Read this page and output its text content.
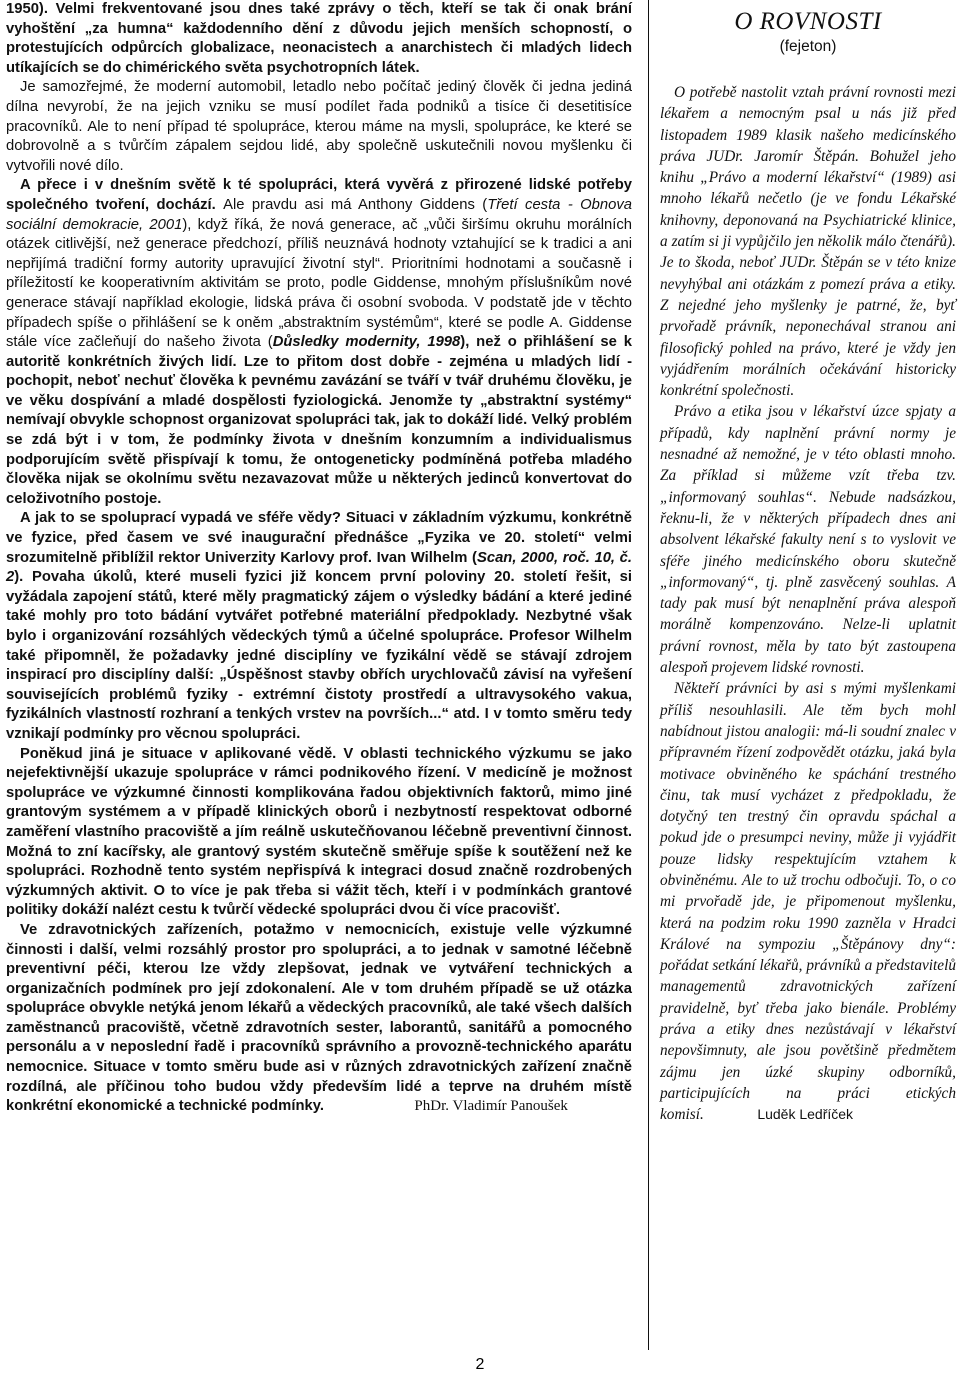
1950). Velmi frekventované jsou dnes také zprávy o těch, kteří se tak či onak brání vyhoštění „za humna“ každodenního dění z důvodu jejich menších schopností, o protestujících odpůrcích globalizace, neonacistech a anarchistech či mladých lidech utíkajících se do chimérického světa psychotropních látek.

Je samozřejmé, že moderní automobil, letadlo nebo počítač jediný člověk či jedna jediná dílna nevyrobí, že na jejich vzniku se musí podílet řada podniků a tisíce či desetitisíce pracovníků. Ale to není případ té spolupráce, kterou máme na mysli, spolupráce, ke které se dobrovolně a s tvůrčím zápalem sejdou lidé, aby společně uskutečnili novou myšlenku či vytvořili nové dílo.

A přece i v dnešním světě k té spolupráci, která vyvěrá z přirozené lidské potřeby společného tvoření, dochází. Ale pravdu asi má Anthony Giddens (Třetí cesta - Obnova sociální demokracie, 2001), když říká, že nová generace, ač „vůči širšímu okruhu morálních otázek citlivější, než generace předchozí, příliš neuznává hodnoty vztahující se k tradici a ani nepřijímá tradiční formy autority upravující životní styl“. Prioritními hodnotami a současně i příležitostí ke kooperativním aktivitám se proto, podle Giddense, mnohým příslušníkům nové generace stávají například ekologie, lidská práva či osobní svoboda. V podstatě jde v těchto případech spíše o přihlášení se k oněm „abstraktním systémům“, které se podle A. Giddense stále více začleňují do našeho života (Důsledky modernity, 1998), než o přihlášení se k autoritě konkrétních živých lidí. Lze to přitom dost dobře - zejména u mladých lidí - pochopit, neboť nechuť člověka k pevnému zavázání se tváří v tvář druhému člověku, je ve věku dospívání a mladé dospělosti fyziologická. Jenomže ty „abstraktní systémy“ nemívají obvykle schopnost organizovat spolupráci tak, jak to dokáží lidé. Velký problém se zdá být i v tom, že podmínky života v dnešním konzumním a individualismus podporujícím světě přispívají k tomu, že ontogeneticky podmíněná potřeba mladého člověka nijak se okolnímu světu nezavazovat může u některých jedinců konvertovat do celoživotního postoje.

A jak to se spoluprací vypadá ve sféře vědy? Situaci v základním výzkumu, konkrétně ve fyzice, před časem ve své inaugurační přednášce „Fyzika ve 20. století“ velmi srozumitelně přiblížil rektor Univerzity Karlovy prof. Ivan Wilhelm (Scan, 2000, roč. 10, č. 2). Povaha úkolů, které museli fyzici již koncem první poloviny 20. století řešit, si vyžádala zapojení států, které měly pragmatický zájem o výsledky bádání a které jediné také mohly pro toto bádání vytvářet potřebné materiální předpoklady. Nezbytné však bylo i organizování rozsáhlých vědeckých týmů a účelné spolupráce. Profesor Wilhelm také připomněl, že požadavky jedné disciplíny ve fyzikální vědě se stávají zdrojem inspirací pro disciplíny další: „Úspěšnost stavby obřích urychlovačů závisí na vyřešení souvisejících problémů fyziky - extrémní čistoty prostředí a ultravysokého vakua, fyzikálních vlastností rozhraní a tenkých vrstev na površích...“ atd. I v tomto směru tedy vznikají podmínky pro věcnou spolupráci.

Poněkud jiná je situace v aplikované vědě. V oblasti technického výzkumu se jako nejefektivnější ukazuje spolupráce v rámci podnikového řízení. V medicíně je možnost spolupráce ve výzkumné činnosti komplikována řadou objektivních faktorů, mimo jiné grantovým systémem a v případě klinických oborů i nezbytností respektovat odborné zaměření vlastního pracoviště a jím reálně uskutečňovanou léčebně preventivní činnost. Možná to zní kacířsky, ale grantový systém skutečně směřuje spíše k soutěžení než ke spolupráci. Rozhodně tento systém nepřispívá k integraci dosud značně rozdrobených výzkumných aktivit. O to více je pak třeba si vážit těch, kteří i v podmínkách grantové politiky dokáží nalézt cestu k tvůrčí vědecké spolupráci dvou či více pracovišť.

Ve zdravotnických zařízeních, potažmo v nemocnicích, existuje velle výzkumné činnosti i další, velmi rozsáhlý prostor pro spolupráci, a to jednak v samotné léčebně preventivní péči, kterou lze vždy zlepšovat, jednak ve vytváření technických a organizačních podmínek pro její zdokonalení. Ale v tom druhém případě se už otázka spolupráce obvykle netýká jenom lékařů a vědeckých pracovníků, ale také všech dalších zaměstnanců pracoviště, včetně zdravotních sester, laborantů, sanitářů a pomocného personálu a v neposlední řadě i pracovníků správního a provozně-technického aparátu nemocnice. Situace v tomto směru bude asi v různých zdravotnických zařízení značně rozdílná, ale příčinou toho budou vždy především lidé a teprve na druhém místě konkrétní ekonomické a technické podmínky.	PhDr. Vladimír Panoušek

O ROVNOSTI
(fejeton)

O potřebě nastolit vztah právní rovnosti mezi lékařem a nemocným psal u nás již před listopadem 1989 klasik našeho medicínského práva JUDr. Jaromír Štěpán. Bohužel jeho knihu „Právo a moderní lékařství“ (1989) asi mnoho lékařů nečetlo (je ve fondu Lékařské knihovny, deponovaná na Psychiatrické klinice, a zatím si ji vypůjčilo jen několik málo čtenářů). Je to škoda, neboť JUDr. Štěpán se v této knize nevyhýbal ani otázkám z pomezí práva a etiky. Z nejedné jeho myšlenky je patrné, že, byť prvořadě právník, neponechával stranou ani filosofický pohled na právo, které je vždy jen vyjádřením morálních očekávání historicky konkrétní společnosti.

Právo a etika jsou v lékařství úzce spjaty a případů, kdy naplnění právní normy je nesnadné až nemožné, je v této oblasti mnoho. Za příklad si můžeme vzít třeba tzv. „informovaný souhlas“. Nebude nadsázkou, řeknu-li, že v některých případech dnes ani absolvent lékařské fakulty není s to vyslovit ve sféře jiného medicínského oboru skutečně „informovaný“, tj. plně zasvěcený souhlas. A tady pak musí být nenaplnění práva alespoň morálně kompenzováno. Nelze-li uplatnit právní rovnost, měla by tato být zastoupena alespoň projevem lidské rovnosti.

Někteří právníci by asi s mými myšlenkami příliš nesouhlasili. Ale těm bych mohl nabídnout jistou analogii: má-li soudní znalec v přípravném řízení zodpovědět otázku, jaká byla motivace obviněného ke spáchání trestného činu, tak musí vycházet z předpokladu, že dotyčný ten trestný čin opravdu spáchal a pokud jde o presumpci neviny, může ji vyjádřit pouze lidsky respektujícím vztahem k obviněnému. Ale to už trochu odbočuji. To, o co mi prvořadě jde, je připomenout myšlenku, která na podzim roku 1990 zazněla v Hradci Králové na sympoziu „Štěpánovy dny“: pořádat setkání lékařů, právníků a představitelů managementů zdravotnických zařízení pravidelně, byť třeba jako bienále. Problémy práva a etiky dnes nezůstávají v lékařství nepovšimnuty, ale jsou povětšině předmětem zájmu jen úzké skupiny odborníků, participujících na práci etických komisí.	Luděk Ledříček

2
